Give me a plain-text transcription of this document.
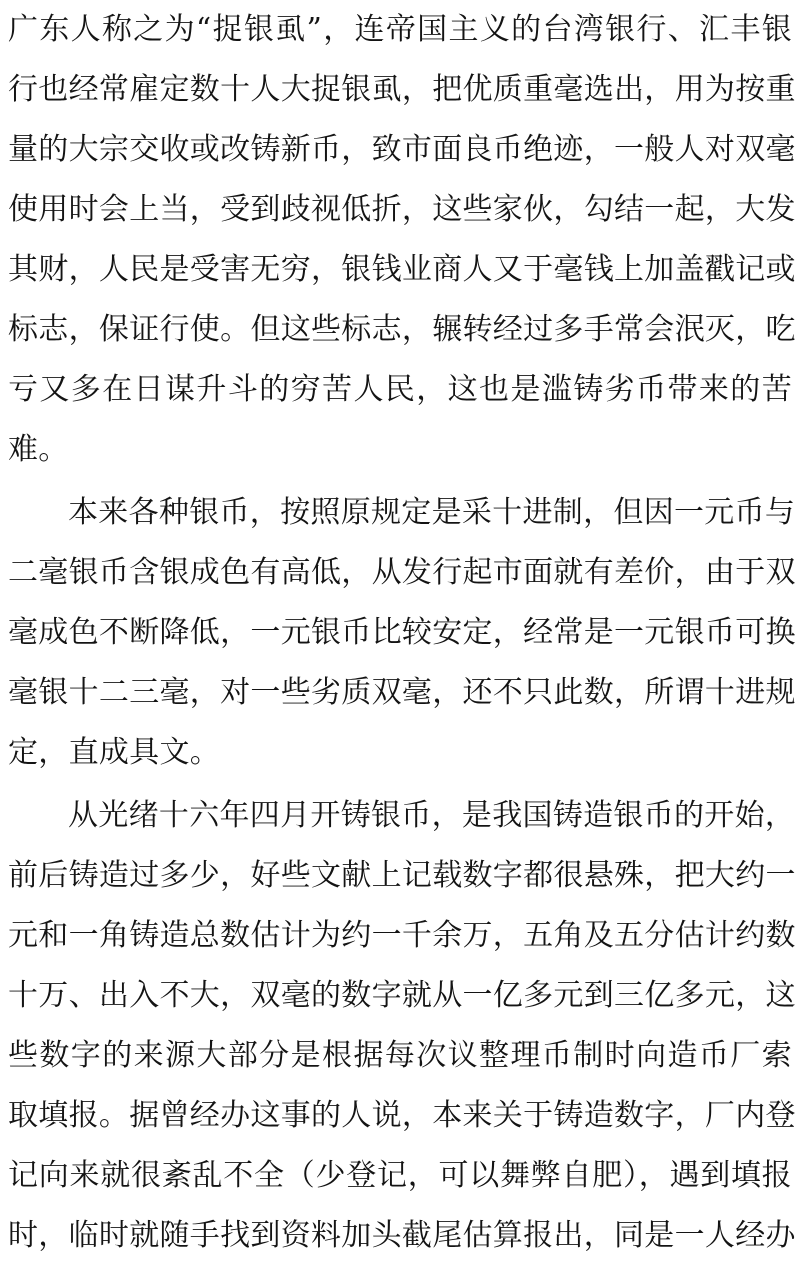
广东人称之为“捉银虱”，连帝国主义的台湾银行、汇丰银
行也经常雇定数十人大捉银虱，把优质重毫选出，用为按重
量的大宗交收或改铸新币，致市面良币绝迹，一般人对双毫
使用时会上当，受到歧视低折，这些家伙，勾结一起，大发
其财，人民是受害无穷，银钱业商人又于毫钱上加盖戳记或
标志，保证行使。但这些标志，辗转经过多手常会泯灭，吃
亏又多在日谋升斗的穷苦人民，这也是滥铸劣币带来的苦
难。
本来各种银币，按照原规定是采十进制，但因一元币与
二毫银币含银成色有高低，从发行起市面就有差价，由于双
毫成色不断降低，一元银币比较安定，经常是一元银币可换
毫银十二三毫，对一些劣质双毫，还不只此数，所谓十进规
定，直成具文。
从光绪十六年四月开铸银币，是我国铸造银币的开始，
前后铸造过多少，好些文献上记载数字都很悬殊，把大约一
元和一角铸造总数估计为约一千余万，五角及五分估计约数
十万、出入不大，双毫的数字就从一亿多元到三亿多元，这
些数字的来源大部分是根据每次议整理币制时向造币厂索
取填报。据曾经办这事的人说，本来关于铸造数字，厂内登
记向来就很紊乱不全（少登记，可以舞弊自肥），遇到填报
时，临时就随手找到资料加头截尾估算报出，同是一人经办
